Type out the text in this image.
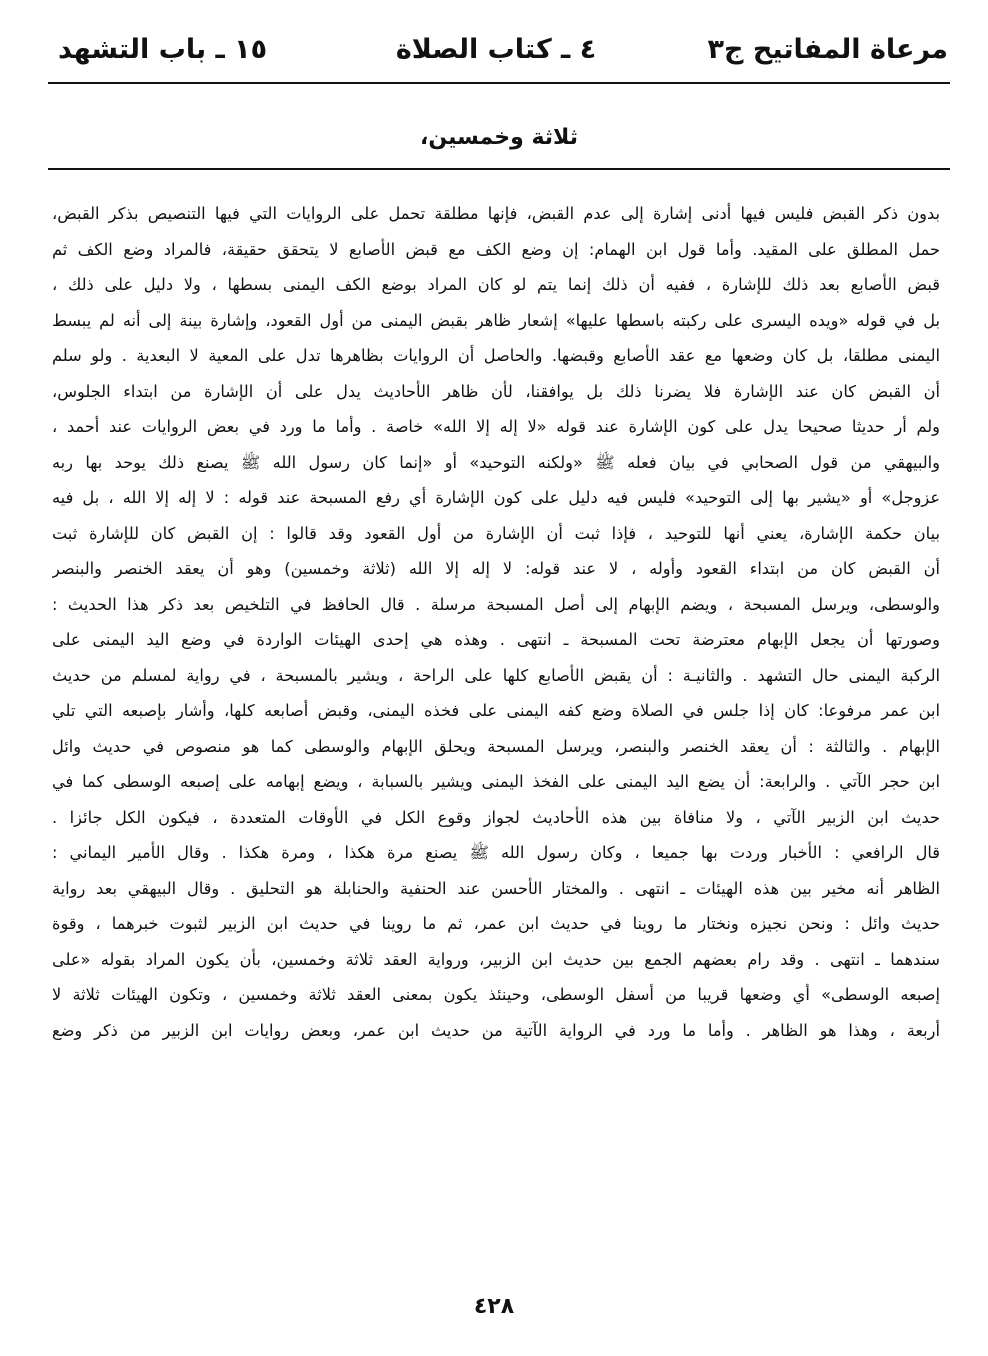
مرعاة المفاتيح ج٣
٤ ـ كتاب الصلاة
١٥ ـ باب التشهد
ثلاثة وخمسين،
بدون ذكر القبض فليس فيها أدنى إشارة إلى عدم القبض، فإنها مطلقة تحمل على الروايات التي فيها التنصيص بذكر القبض،
حمل المطلق على المقيد. وأما قول ابن الهمام: إن وضع الكف مع قبض الأصابع لا يتحقق حقيقة، فالمراد وضع الكف ثم
قبض الأصابع بعد ذلك للإشارة ، ففيه أن ذلك إنما يتم لو كان المراد بوضع الكف اليمنى بسطها ، ولا دليل على ذلك ،
بل في قوله «ويده اليسرى على ركبته باسطها عليها» إشعار ظاهر بقبض اليمنى من أول القعود، وإشارة بينة إلى أنه لم يبسط
اليمنى مطلقا، بل كان وضعها مع عقد الأصابع وقبضها. والحاصل أن الروايات بظاهرها تدل على المعية لا البعدية . ولو سلم
أن القبض كان عند الإشارة فلا يضرنا ذلك بل يوافقنا، لأن ظاهر الأحاديث يدل على أن الإشارة من ابتداء الجلوس،
ولم أر حديثا صحيحا يدل على كون الإشارة عند قوله «لا إله إلا الله» خاصة . وأما ما ورد في بعض الروايات عند أحمد ،
والبيهقي من قول الصحابي في بيان فعله ﷺ «ولكنه التوحيد» أو «إنما كان رسول الله ﷺ يصنع ذلك يوحد بها ربه
عزوجل» أو «يشير بها إلى التوحيد» فليس فيه دليل على كون الإشارة أي رفع المسبحة عند قوله : لا إله إلا الله ، بل فيه
بيان حكمة الإشارة، يعني أنها للتوحيد ، فإذا ثبت أن الإشارة من أول القعود وقد قالوا : إن القبض كان للإشارة ثبت
أن القبض كان من ابتداء القعود وأوله ، لا عند قوله: لا إله إلا الله (ثلاثة وخمسين) وهو أن يعقد الخنصر والبنصر
والوسطى، ويرسل المسبحة ، ويضم الإبهام إلى أصل المسبحة مرسلة . قال الحافظ في التلخيص بعد ذكر هذا الحديث :
وصورتها أن يجعل الإبهام معترضة تحت المسبحة ـ انتهى . وهذه هي إحدى الهيئات الواردة في وضع اليد اليمنى على
الركبة اليمنى حال التشهد . والثانيـة : أن يقبض الأصابع كلها على الراحة ، ويشير بالمسبحة ، في رواية لمسلم من حديث
ابن عمر مرفوعا: كان إذا جلس في الصلاة وضع كفه اليمنى على فخذه اليمنى، وقبض أصابعه كلها، وأشار بإصبعه التي تلي
الإبهام . والثالثة : أن يعقد الخنصر والبنصر، ويرسل المسبحة ويحلق الإبهام والوسطى كما هو منصوص في حديث وائل
ابن حجر الآتي . والرابعة: أن يضع اليد اليمنى على الفخذ اليمنى ويشير بالسبابة ، ويضع إبهامه على إصبعه الوسطى كما في
حديث ابن الزبير الآتي ، ولا منافاة بين هذه الأحاديث لجواز وقوع الكل في الأوقات المتعددة ، فيكون الكل جائزا .
قال الرافعي : الأخبار وردت بها جميعا ، وكان رسول الله ﷺ يصنع مرة هكذا ، ومرة هكذا . وقال الأمير اليماني :
الظاهر أنه مخير بين هذه الهيئات ـ انتهى . والمختار الأحسن عند الحنفية والحنابلة هو التحليق . وقال البيهقي بعد رواية
حديث وائل : ونحن نجيزه ونختار ما روينا في حديث ابن عمر، ثم ما روينا في حديث ابن الزبير لثبوت خبرهما ، وقوة
سندهما ـ انتهى . وقد رام بعضهم الجمع بين حديث ابن الزبير، ورواية العقد ثلاثة وخمسين، بأن يكون المراد بقوله «على
إصبعه الوسطى» أي وضعها قريبا من أسفل الوسطى، وحينئذ يكون بمعنى العقد ثلاثة وخمسين ، وتكون الهيئات ثلاثة لا
أربعة ، وهذا هو الظاهر . وأما ما ورد في الرواية الآتية من حديث ابن عمر، وبعض روايات ابن الزبير من ذكر وضع
٤٢٨
